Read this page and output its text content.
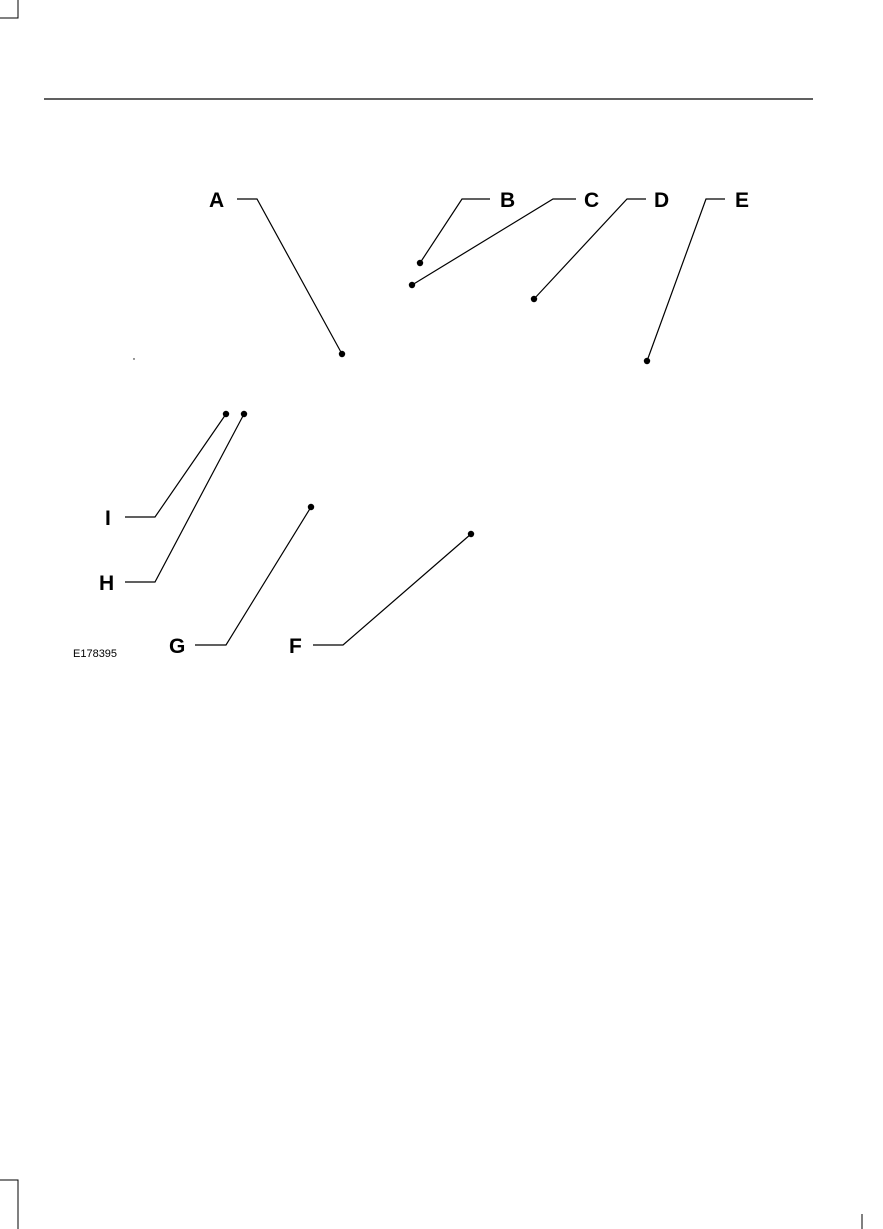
A	B	C	D	E
F
G
H
I
E178395
